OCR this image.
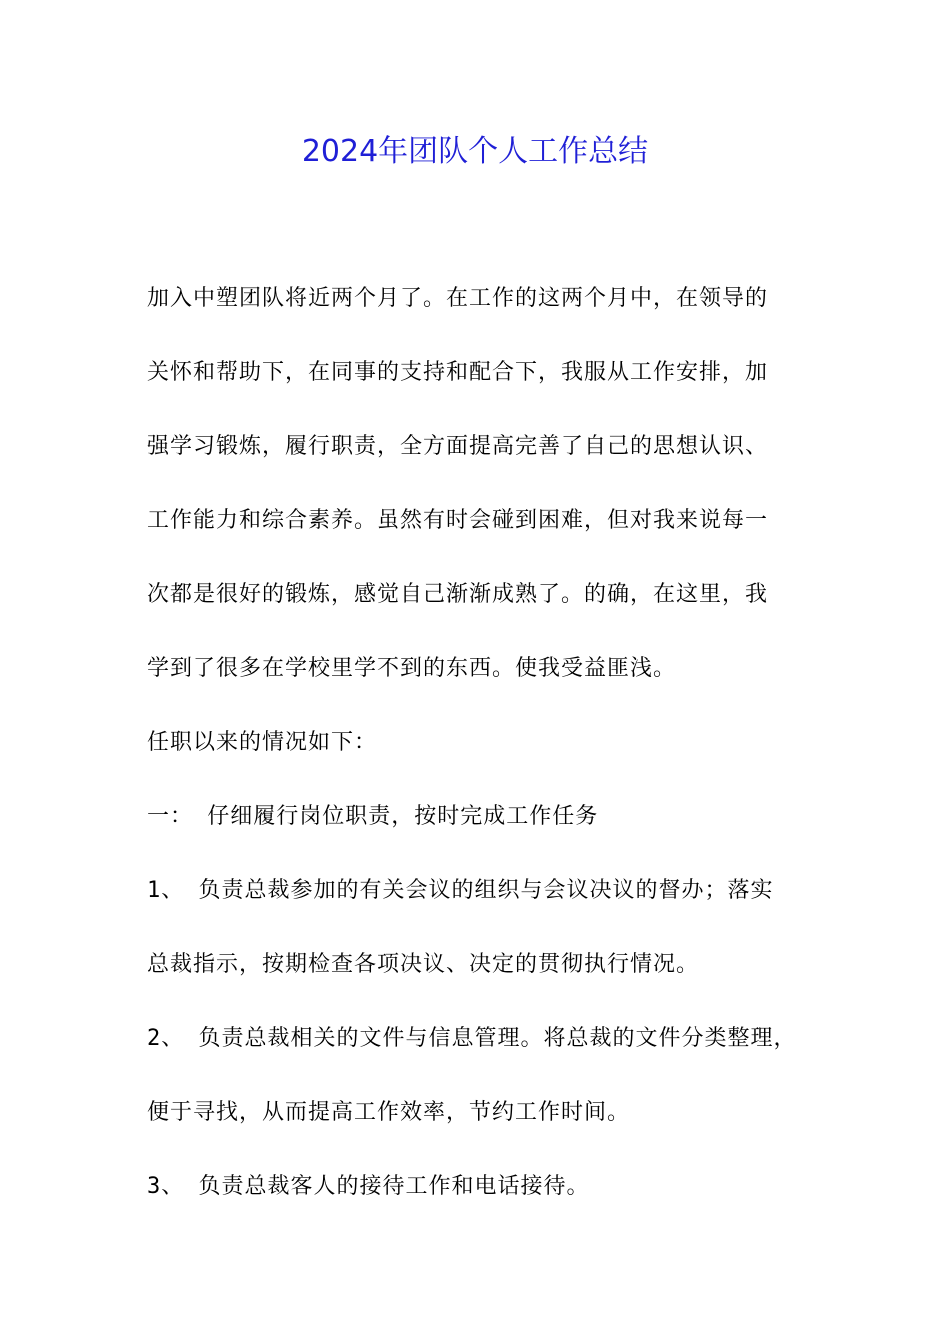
2024年团队个人工作总结
加入中塑团队将近两个月了。在工作的这两个月中，在领导的
关怀和帮助下，在同事的支持和配合下，我服从工作安排，加
强学习锻炼，履行职责，全方面提高完善了自己的思想认识、
工作能力和综合素养。虽然有时会碰到困难，但对我来说每一
次都是很好的锻炼，感觉自己渐渐成熟了。的确，在这里，我
学到了很多在学校里学不到的东西。使我受益匪浅。
任职以来的情况如下：
一： 仔细履行岗位职责，按时完成工作任务
1、 负责总裁参加的有关会议的组织与会议决议的督办；落实
总裁指示，按期检查各项决议、决定的贯彻执行情况。
2、 负责总裁相关的文件与信息管理。将总裁的文件分类整理，
便于寻找，从而提高工作效率，节约工作时间。
3、 负责总裁客人的接待工作和电话接待。
